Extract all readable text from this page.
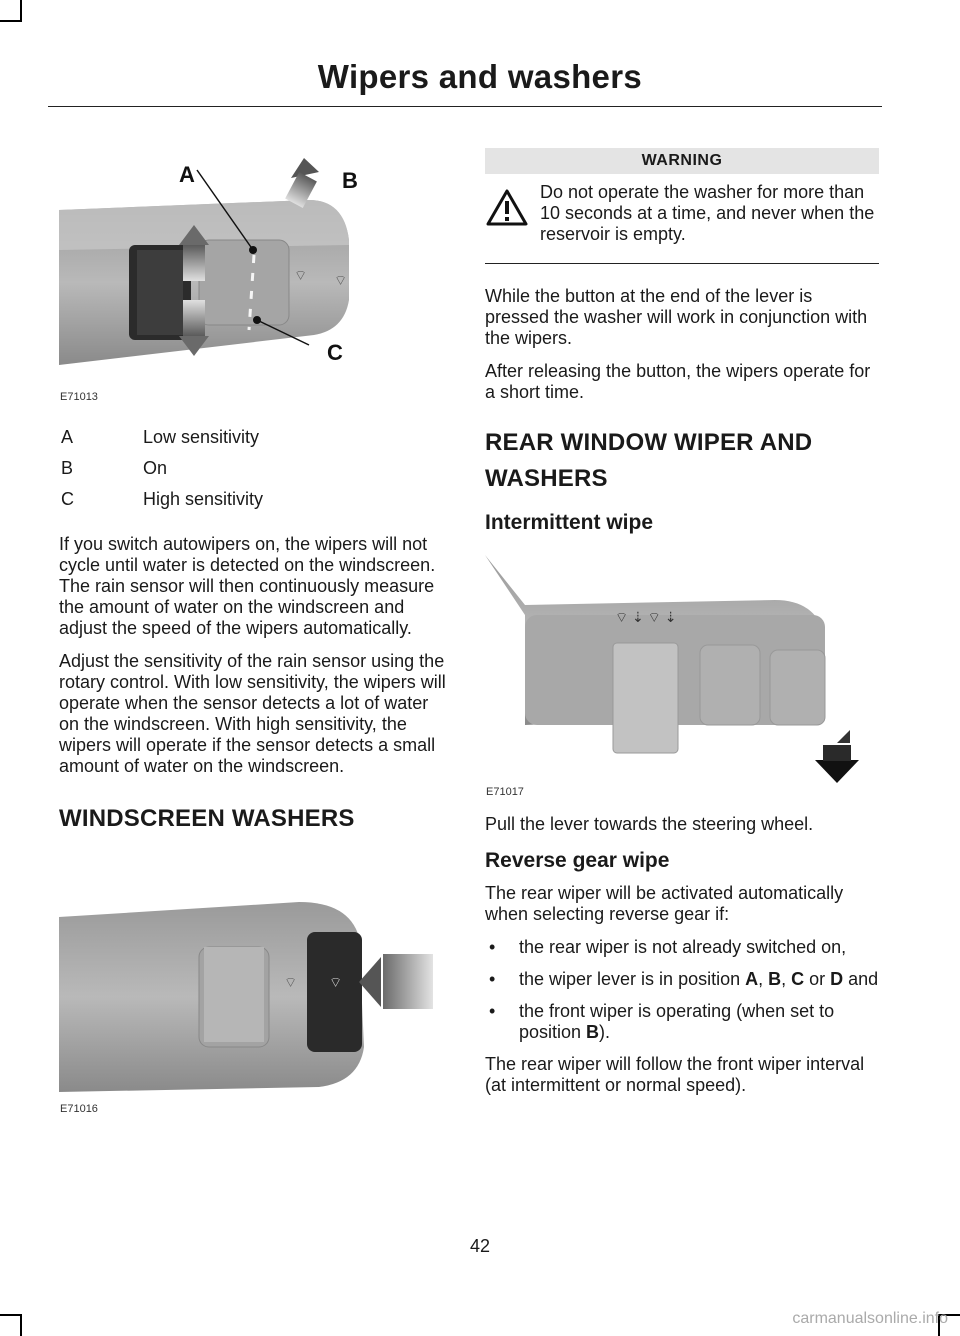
Wipers and washers
⌔ ⌔
A	B
C
E71013
A	Low sensitivity
B	On
C	High sensitivity

If you switch autowipers on, the wipers will not cycle until water is detected on the windscreen. The rain sensor will then continuously measure the amount of water on the windscreen and adjust the speed of the wipers automatically.

Adjust the sensitivity of the rain sensor using the rotary control. With low sensitivity, the wipers will operate when the sensor detects a lot of water on the windscreen. With high sensitivity, the wipers will operate if the sensor detects a small amount of water on the windscreen.

WINDSCREEN WASHERS
⌔ ⌔
E71016
WARNING
Do not operate the washer for more than 10 seconds at a time, and never when the reservoir is empty.

While the button at the end of the lever is pressed the washer will work in conjunction with the wipers.

After releasing the button, the wipers operate for a short time.

REAR WINDOW WIPER AND
WASHERS
Intermittent wipe
⌔ ⇣ ⌔ ⇣
E71017

Pull the lever towards the steering wheel.

Reverse gear wipe

The rear wiper will be activated automatically when selecting reverse gear if:

• the rear wiper is not already switched on,
• the wiper lever is in position A, B, C or D and
• the front wiper is operating (when set to position B).

The rear wiper will follow the front wiper interval (at intermittent or normal speed).

42
carmanualsonline.info
